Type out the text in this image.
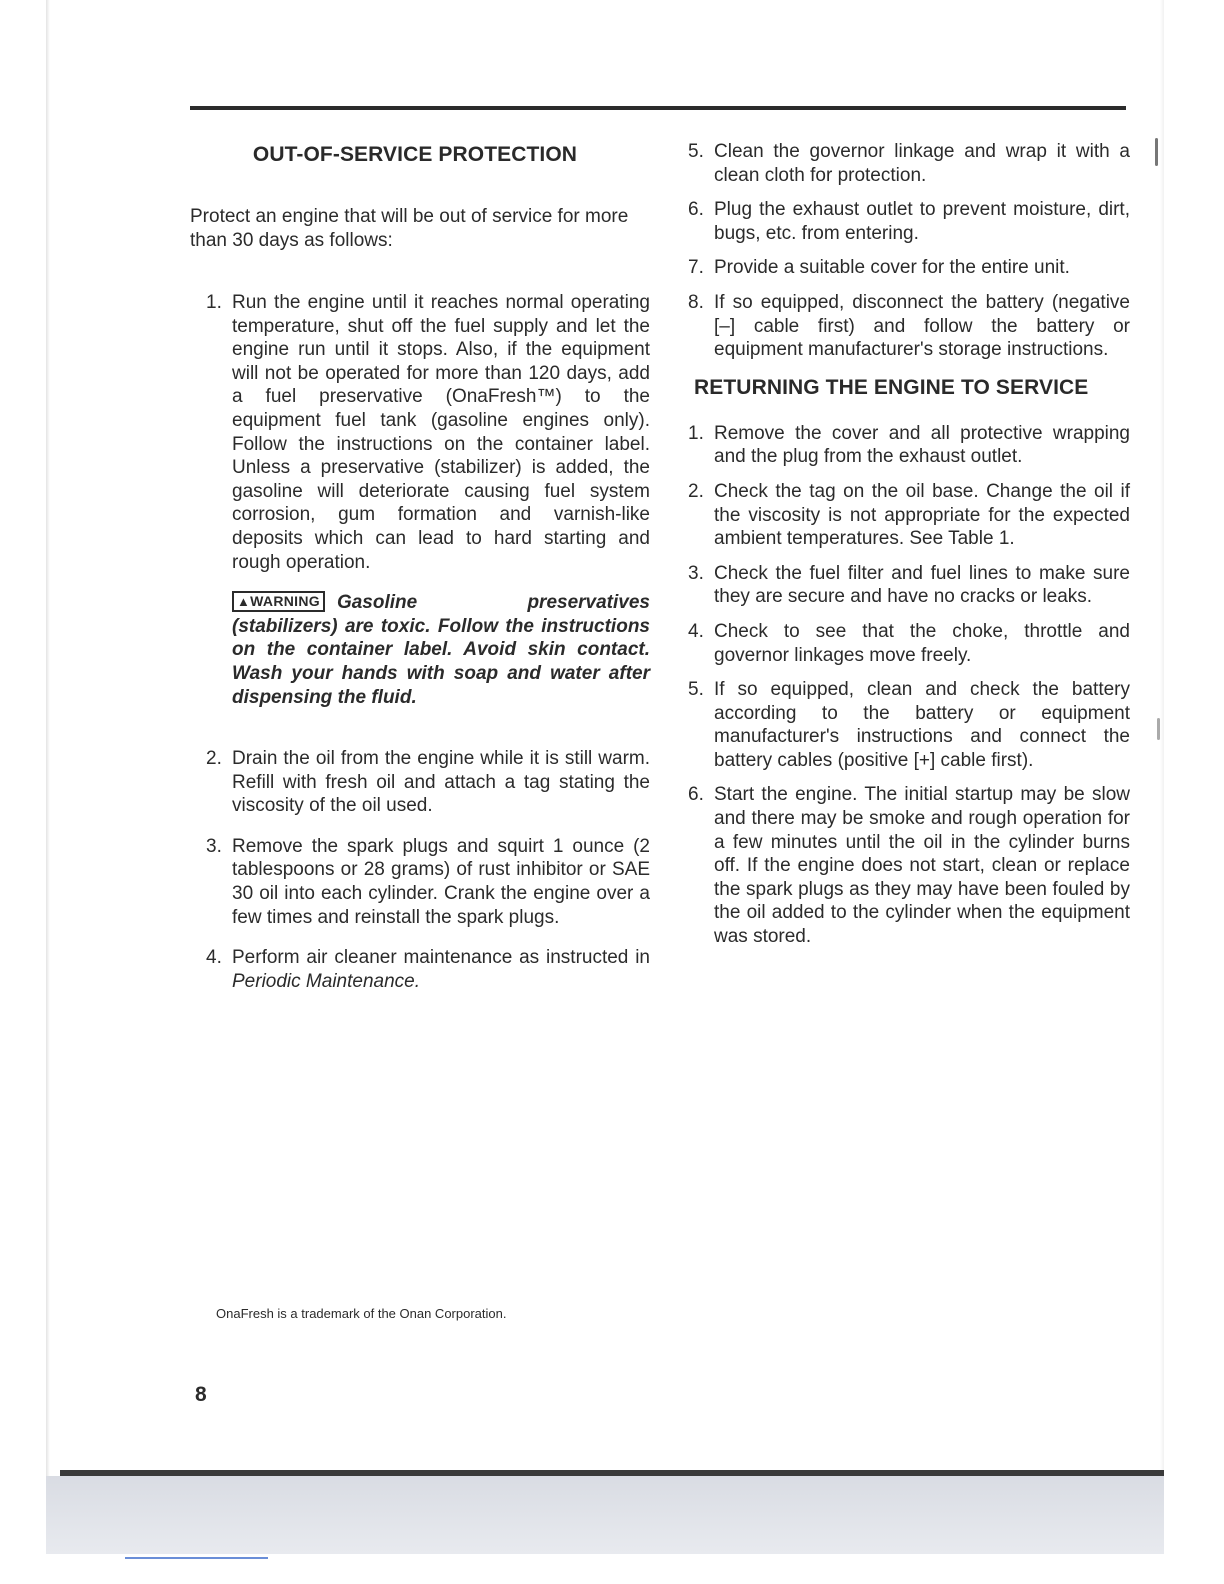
OUT-OF-SERVICE PROTECTION

Protect an engine that will be out of service for more than 30 days as follows:

1. Run the engine until it reaches normal operating temperature, shut off the fuel supply and let the engine run until it stops. Also, if the equipment will not be operated for more than 120 days, add a fuel preservative (OnaFresh™) to the equipment fuel tank (gasoline engines only). Follow the instructions on the container label. Unless a preservative (stabilizer) is added, the gasoline will deteriorate causing fuel system corrosion, gum formation and varnish-like deposits which can lead to hard starting and rough operation.
▲WARNING Gasoline preservatives (stabilizers) are toxic. Follow the instructions on the container label. Avoid skin contact. Wash your hands with soap and water after dispensing the fluid.
2. Drain the oil from the engine while it is still warm. Refill with fresh oil and attach a tag stating the viscosity of the oil used.
3. Remove the spark plugs and squirt 1 ounce (2 tablespoons or 28 grams) of rust inhibitor or SAE 30 oil into each cylinder. Crank the engine over a few times and reinstall the spark plugs.
4. Perform air cleaner maintenance as instructed in Periodic Maintenance.
5. Clean the governor linkage and wrap it with a clean cloth for protection.
6. Plug the exhaust outlet to prevent moisture, dirt, bugs, etc. from entering.
7. Provide a suitable cover for the entire unit.
8. If so equipped, disconnect the battery (negative [–] cable first) and follow the battery or equipment manufacturer's storage instructions.
RETURNING THE ENGINE TO SERVICE
1. Remove the cover and all protective wrapping and the plug from the exhaust outlet.
2. Check the tag on the oil base. Change the oil if the viscosity is not appropriate for the expected ambient temperatures. See Table 1.
3. Check the fuel filter and fuel lines to make sure they are secure and have no cracks or leaks.
4. Check to see that the choke, throttle and governor linkages move freely.
5. If so equipped, clean and check the battery according to the battery or equipment manufacturer's instructions and connect the battery cables (positive [+] cable first).
6. Start the engine. The initial startup may be slow and there may be smoke and rough operation for a few minutes until the oil in the cylinder burns off. If the engine does not start, clean or replace the spark plugs as they may have been fouled by the oil added to the cylinder when the equipment was stored.
OnaFresh is a trademark of the Onan Corporation.
8
